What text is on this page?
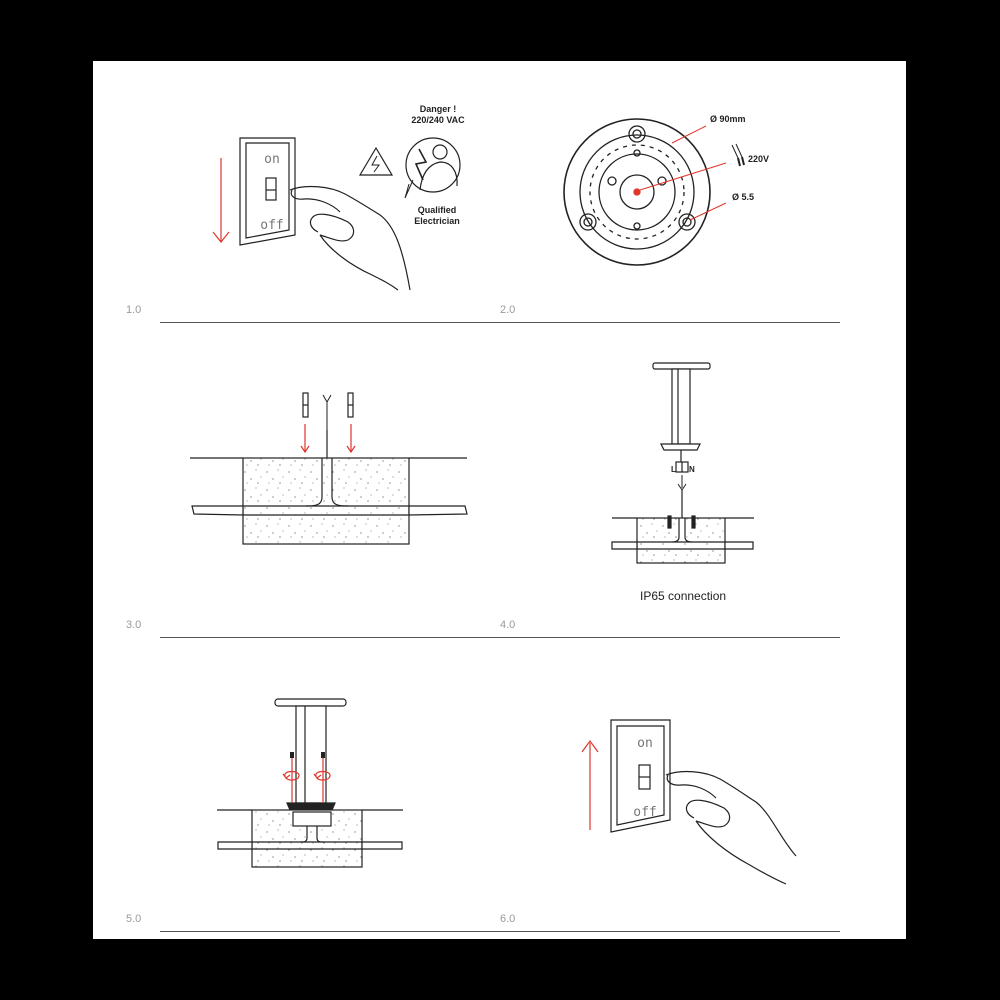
1.0	2.0
3.0	4.0
5.0	6.0
on
off
on
off
L N
Danger !
220/240 VAC
Qualified
Electrician
Ø 90mm
220V
Ø 5.5
IP65 connection
